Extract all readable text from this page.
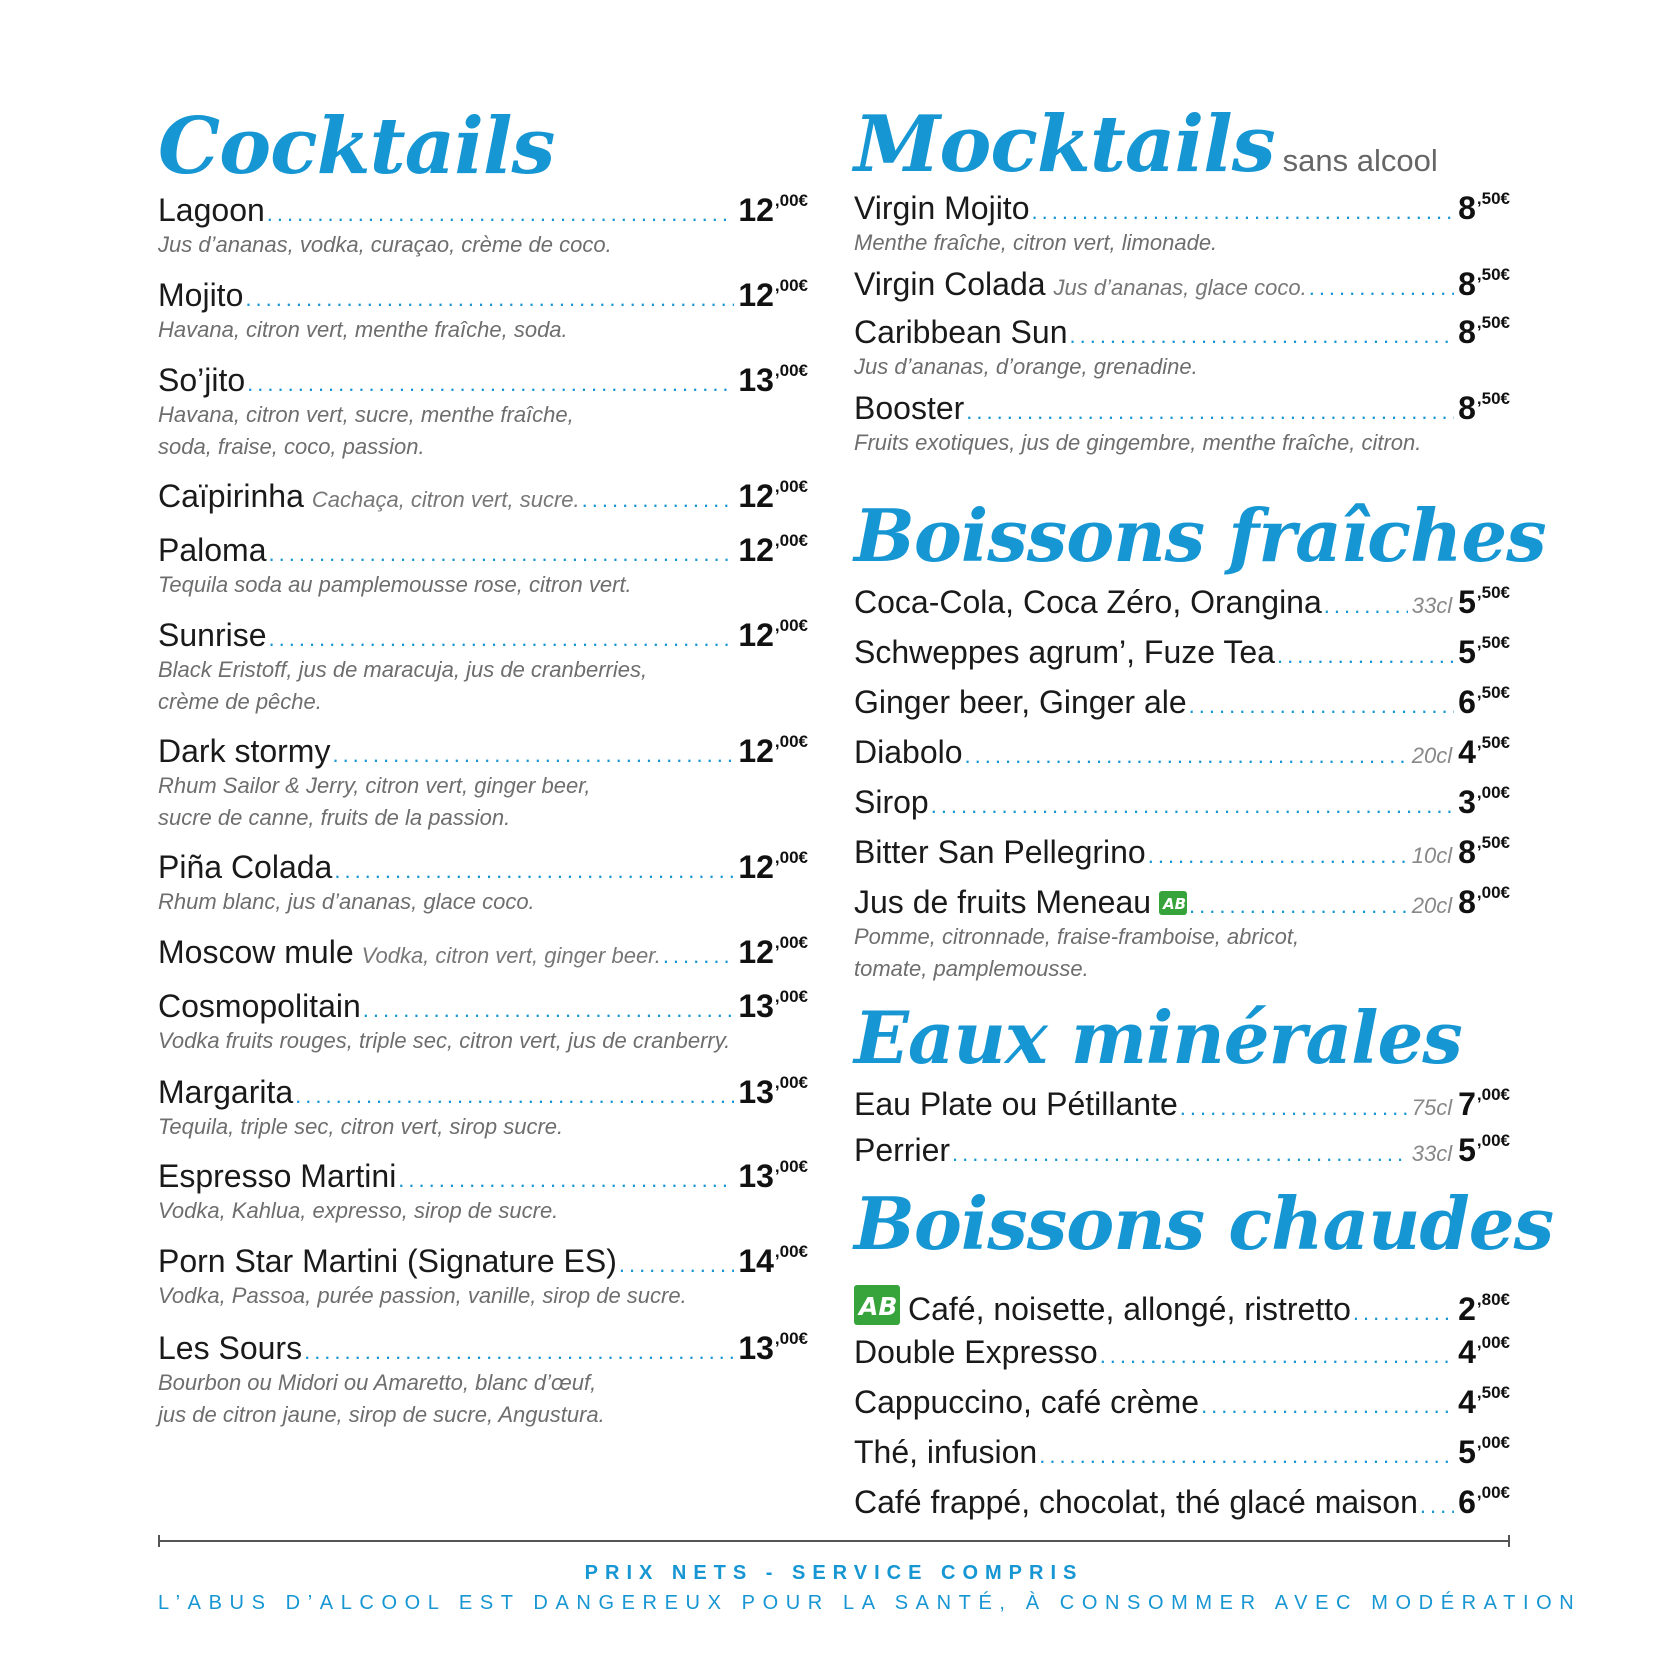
Cocktails
Lagoon .....	$12^{,00€}$
Jus d’ananas, vodka, curaçao, crème de coco.
Mojito .....	$12^{,00€}$
Havana, citron vert, menthe fraîche, soda.
So’jito .....	$13^{,00€}$
Havana, citron vert, sucre, menthe fraîche,
soda, fraise, coco, passion.
Caïpirinha Cachaça, citron vert, sucre. .....	$12^{,00€}$
Paloma .....	$12^{,00€}$
Tequila soda au pamplemousse rose, citron vert.
Sunrise .....	$12^{,00€}$
Black Eristoff, jus de maracuja, jus de cranberries,
crème de pêche.
Dark stormy .....	$12^{,00€}$
Rhum Sailor & Jerry, citron vert, ginger beer,
sucre de canne, fruits de la passion.
Piña Colada .....	$12^{,00€}$
Rhum blanc, jus d’ananas, glace coco.
Moscow mule Vodka, citron vert, ginger beer. ..... $12^{,00€}$
Cosmopolitain .....	$13^{,00€}$
Vodka fruits rouges, triple sec, citron vert, jus de cranberry.
Margarita .....	$13^{,00€}$
Tequila, triple sec, citron vert, sirop sucre.
Espresso Martini .....	$13^{,00€}$
Vodka, Kahlua, expresso, sirop de sucre.
Porn Star Martini (Signature ES) .....	$14^{,00€}$
Vodka, Passoa, purée passion, vanille, sirop de sucre.
Les Sours .....	$13^{,00€}$
Bourbon ou Midori ou Amaretto, blanc d’œuf,
jus de citron jaune, sirop de sucre, Angustura.
Mocktails sans alcool
Virgin Mojito .....	$8^{,50€}$
Menthe fraîche, citron vert, limonade.
Virgin Colada Jus d’ananas, glace coco. .....	$8^{,50€}$
Caribbean Sun .....	$8^{,50€}$
Jus d’ananas, d’orange, grenadine.
Booster .....	$8^{,50€}$
Fruits exotiques, jus de gingembre, menthe fraîche, citron.
Boissons fraîches
Coca-Cola, Coca Zéro, Orangina .....	33cl $5^{,50€}$
Schweppes agrum’, Fuze Tea .....	$5^{,50€}$
Ginger beer, Ginger ale .....	$6^{,50€}$
Diabolo .....	20cl $4^{,50€}$
Sirop .....	$3^{,00€}$
Bitter San Pellegrino .....	10cl $8^{,50€}$
Jus de fruits Meneau AB .....	20cl $8^{,00€}$
Pomme, citronnade, fraise-framboise, abricot,
tomate, pamplemousse.
Eaux minérales
Eau Plate ou Pétillante .....	75cl $7^{,00€}$
Perrier .....	33cl $5^{,00€}$
Boissons chaudes
AB Café, noisette, allongé, ristretto .....	$2^{,80€}$
Double Expresso .....	$4^{,00€}$
Cappuccino, café crème .....	$4^{,50€}$
Thé, infusion .....	$5^{,00€}$
Café frappé, chocolat, thé glacé maison ..... $6^{,00€}$
PRIX NETS - SERVICE COMPRIS
L’ABUS D’ALCOOL EST DANGEREUX POUR LA SANTÉ, À CONSOMMER AVEC MODÉRATION
